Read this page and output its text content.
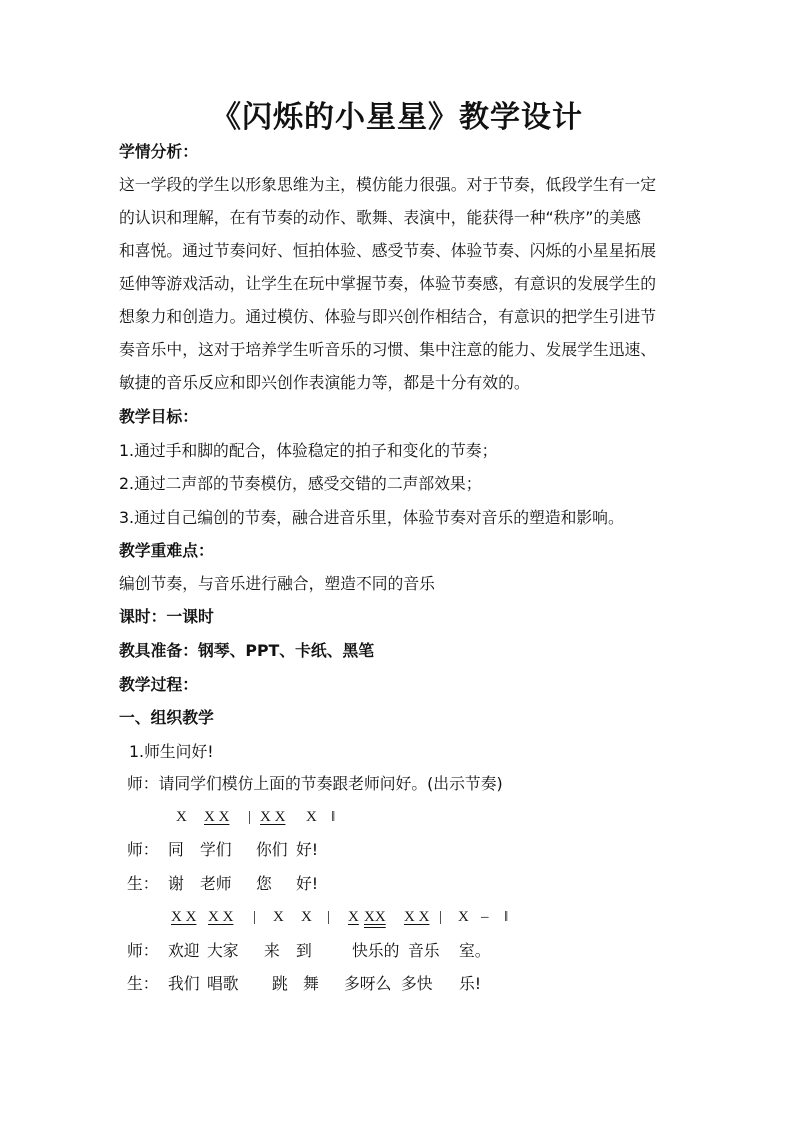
《闪烁的小星星》教学设计
学情分析：
这一学段的学生以形象思维为主，模仿能力很强。对于节奏，低段学生有一定
的认识和理解，在有节奏的动作、歌舞、表演中，能获得一种“秩序”的美感
和喜悦。通过节奏问好、恒拍体验、感受节奏、体验节奏、闪烁的小星星拓展
延伸等游戏活动，让学生在玩中掌握节奏，体验节奏感，有意识的发展学生的
想象力和创造力。通过模仿、体验与即兴创作相结合，有意识的把学生引进节
奏音乐中，这对于培养学生听音乐的习惯、集中注意的能力、发展学生迅速、
敏捷的音乐反应和即兴创作表演能力等，都是十分有效的。
教学目标：
1.通过手和脚的配合，体验稳定的拍子和变化的节奏；
2.通过二声部的节奏模仿，感受交错的二声部效果；
3.通过自己编创的节奏，融合进音乐里，体验节奏对音乐的塑造和影响。
教学重难点：
编创节奏，与音乐进行融合，塑造不同的音乐
课时：一课时
教具准备：钢琴、PPT、卡纸、黑笔
教学过程：
一、组织教学
1.师生问好!
师：请同学们模仿上面的节奏跟老师问好。(出示节奏)
X X X | X X X ‖
师： 同 学们 你们 好!
生： 谢 老师 您 好!
X X X X | X X | X XX X X | X – ‖
师： 欢迎 大家 来 到	快乐的 音乐 室。
生： 我们 唱歌 跳 舞 多呀么 多快 乐!
